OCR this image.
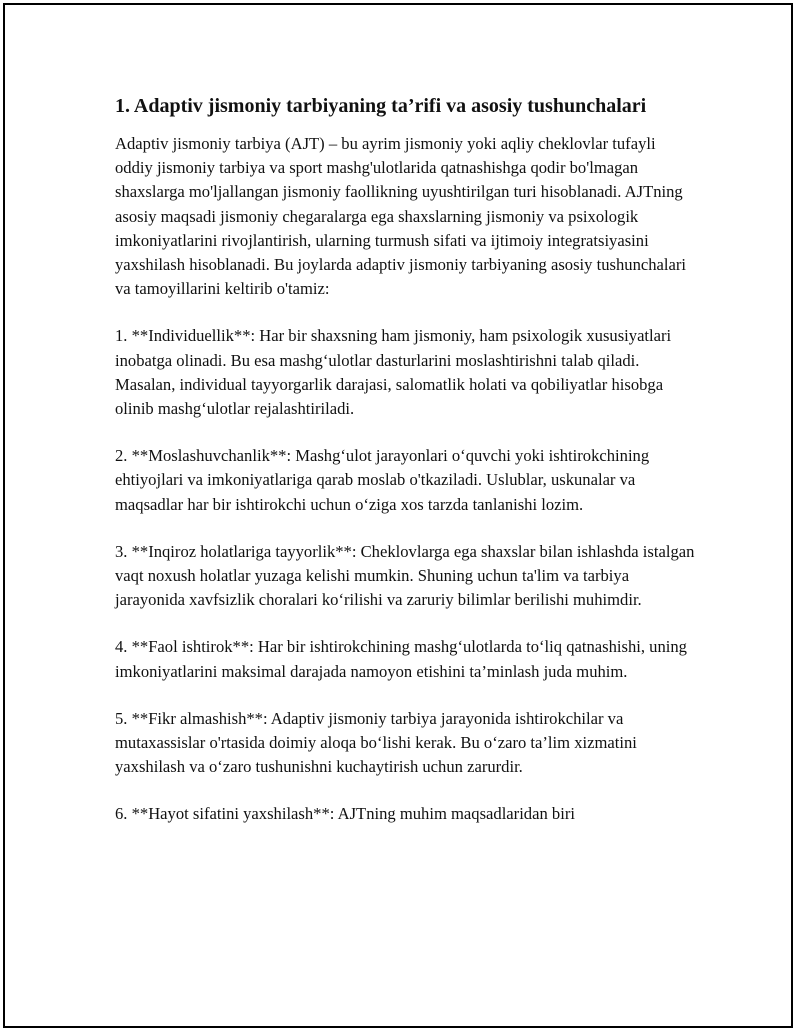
1. Adaptiv jismoniy tarbiyaning ta’rifi va asosiy tushunchalari

Adaptiv jismoniy tarbiya (AJT) – bu ayrim jismoniy yoki aqliy cheklovlar tufayli oddiy jismoniy tarbiya va sport mashg'ulotlarida qatnashishga qodir bo'lmagan shaxslarga mo'ljallangan jismoniy faollikning uyushtirilgan turi hisoblanadi. AJTning asosiy maqsadi jismoniy chegaralarga ega shaxslarning jismoniy va psixologik imkoniyatlarini rivojlantirish, ularning turmush sifati va ijtimoiy integratsiyasini yaxshilash hisoblanadi. Bu joylarda adaptiv jismoniy tarbiyaning asosiy tushunchalari va tamoyillarini keltirib o'tamiz:

1. **Individuellik**: Har bir shaxsning ham jismoniy, ham psixologik xususiyatlari inobatga olinadi. Bu esa mashg‘ulotlar dasturlarini moslashtirishni talab qiladi. Masalan, individual tayyorgarlik darajasi, salomatlik holati va qobiliyatlar hisobga olinib mashg‘ulotlar rejalashtiriladi.

2. **Moslashuvchanlik**: Mashg‘ulot jarayonlari o‘quvchi yoki ishtirokchining ehtiyojlari va imkoniyatlariga qarab moslab o'tkaziladi. Uslublar, uskunalar va maqsadlar har bir ishtirokchi uchun o‘ziga xos tarzda tanlanishi lozim.

3. **Inqiroz holatlariga tayyorlik**: Cheklovlarga ega shaxslar bilan ishlashda istalgan vaqt noxush holatlar yuzaga kelishi mumkin. Shuning uchun ta'lim va tarbiya jarayonida xavfsizlik choralari ko‘rilishi va zaruriy bilimlar berilishi muhimdir.

4. **Faol ishtirok**: Har bir ishtirokchining mashg‘ulotlarda to‘liq qatnashishi, uning imkoniyatlarini maksimal darajada namoyon etishini ta’minlash juda muhim.

5. **Fikr almashish**: Adaptiv jismoniy tarbiya jarayonida ishtirokchilar va mutaxassislar o'rtasida doimiy aloqa bo‘lishi kerak. Bu o‘zaro ta’lim xizmatini yaxshilash va o‘zaro tushunishni kuchaytirish uchun zarurdir.

6. **Hayot sifatini yaxshilash**: AJTning muhim maqsadlaridan biri
